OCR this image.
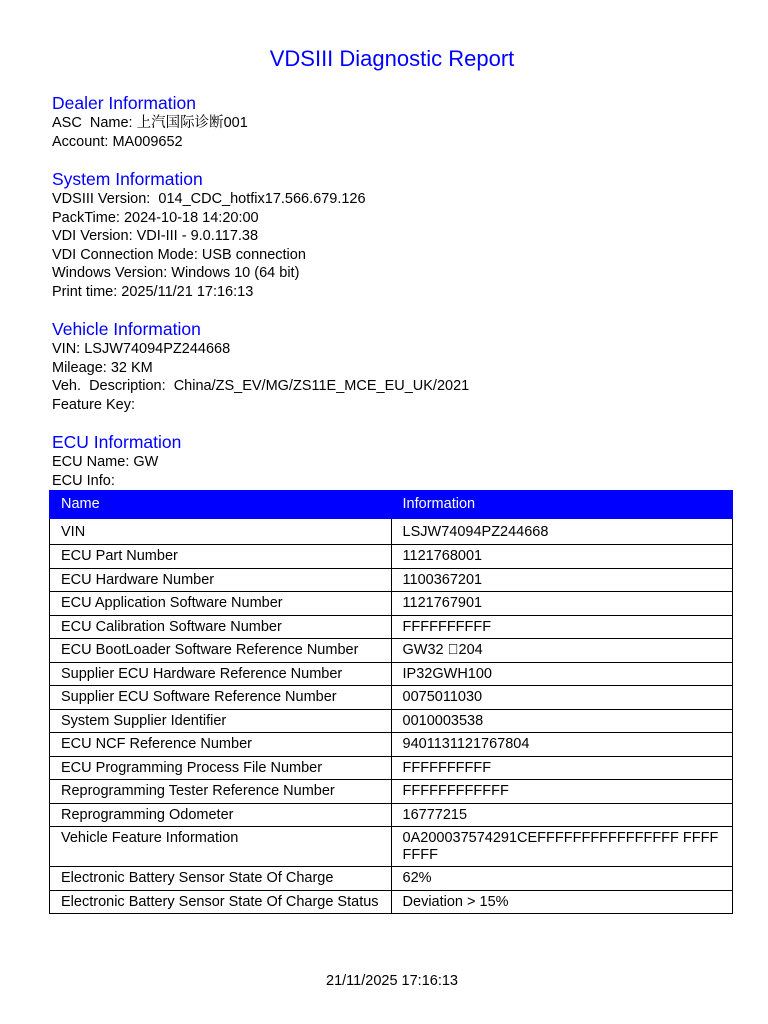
VDSIII Diagnostic Report
Dealer Information
ASC  Name: 上汽国际诊断001
Account: MA009652
System Information
VDSIII Version:  014_CDC_hotfix17.566.679.126
PackTime: 2024-10-18 14:20:00
VDI Version: VDI-III - 9.0.117.38
VDI Connection Mode: USB connection
Windows Version: Windows 10 (64 bit)
Print time: 2025/11/21 17:16:13
Vehicle Information
VIN: LSJW74094PZ244668
Mileage: 32 KM
Veh.  Description:  China/ZS_EV/MG/ZS11E_MCE_EU_UK/2021
Feature Key:
ECU Information
ECU Name: GW
ECU Info:
Name	Information
VIN	LSJW74094PZ244668
ECU Part Number	1121768001
ECU Hardware Number	1100367201
ECU Application Software Number	1121767901
ECU Calibration Software Number	FFFFFFFFFF
ECU BootLoader Software Reference Number	GW32  204
Supplier ECU Hardware Reference Number	IP32GWH100
Supplier ECU Software Reference Number	0075011030
System Supplier Identifier	0010003538
ECU NCF Reference Number	9401131121767804
ECU Programming Process File Number	FFFFFFFFFF
Reprogramming Tester Reference Number	FFFFFFFFFFFF
Reprogramming Odometer	16777215
Vehicle Feature Information	0A200037574291CEFFFFFFFFFFFFFFFF FFFFFFFF
Electronic Battery Sensor State Of Charge	62%
Electronic Battery Sensor State Of Charge Status	Deviation > 15%
21/11/2025 17:16:13
